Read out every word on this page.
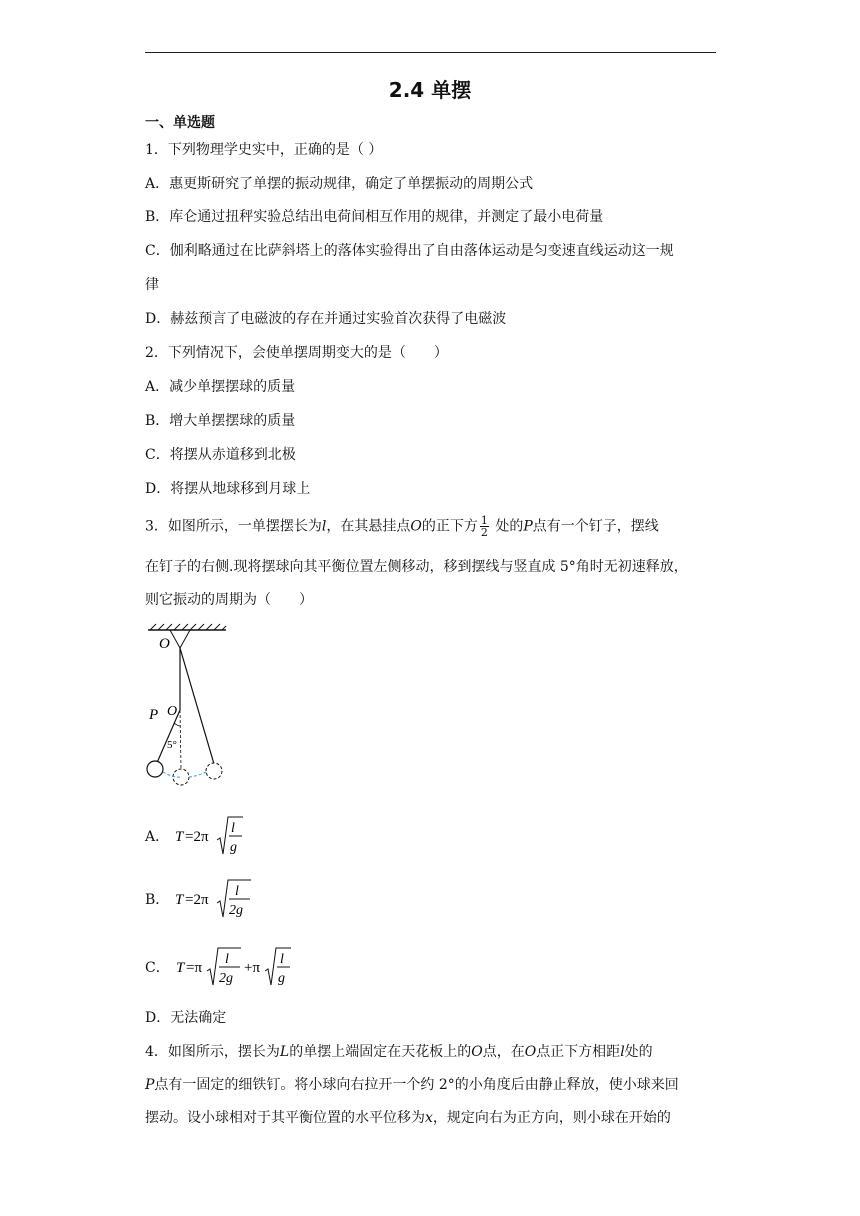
2.4 单摆
一、单选题
1．下列物理学史实中，正确的是（ ）
A．惠更斯研究了单摆的振动规律，确定了单摆振动的周期公式
B．库仑通过扭秤实验总结出电荷间相互作用的规律，并测定了最小电荷量
C．伽利略通过在比萨斜塔上的落体实验得出了自由落体运动是匀变速直线运动这一规
律
D．赫兹预言了电磁波的存在并通过实验首次获得了电磁波
2．下列情况下，会使单摆周期变大的是（　　）
A．减少单摆摆球的质量
B．增大单摆摆球的质量
C．将摆从赤道移到北极
D．将摆从地球移到月球上
3．如图所示，一单摆摆长为l，在其悬挂点O的正下方 $\frac{1}{2}$ 处的P点有一个钉子，摆线
在钉子的右侧.现将摆球向其平衡位置左侧移动，移到摆线与竖直成 5°角时无初速释放，
则它振动的周期为（　　）
O
P O
5°
A． T =2π
l
g
B． T =2π
l
2g
C． T =π
l
2g
+π
l
g
D．无法确定
4．如图所示，摆长为L的单摆上端固定在天花板上的O点，在O点正下方相距l处的
P点有一固定的细铁钉。将小球向右拉开一个约 2°的小角度后由静止释放，使小球来回
摆动。设小球相对于其平衡位置的水平位移为x，规定向右为正方向，则小球在开始的
